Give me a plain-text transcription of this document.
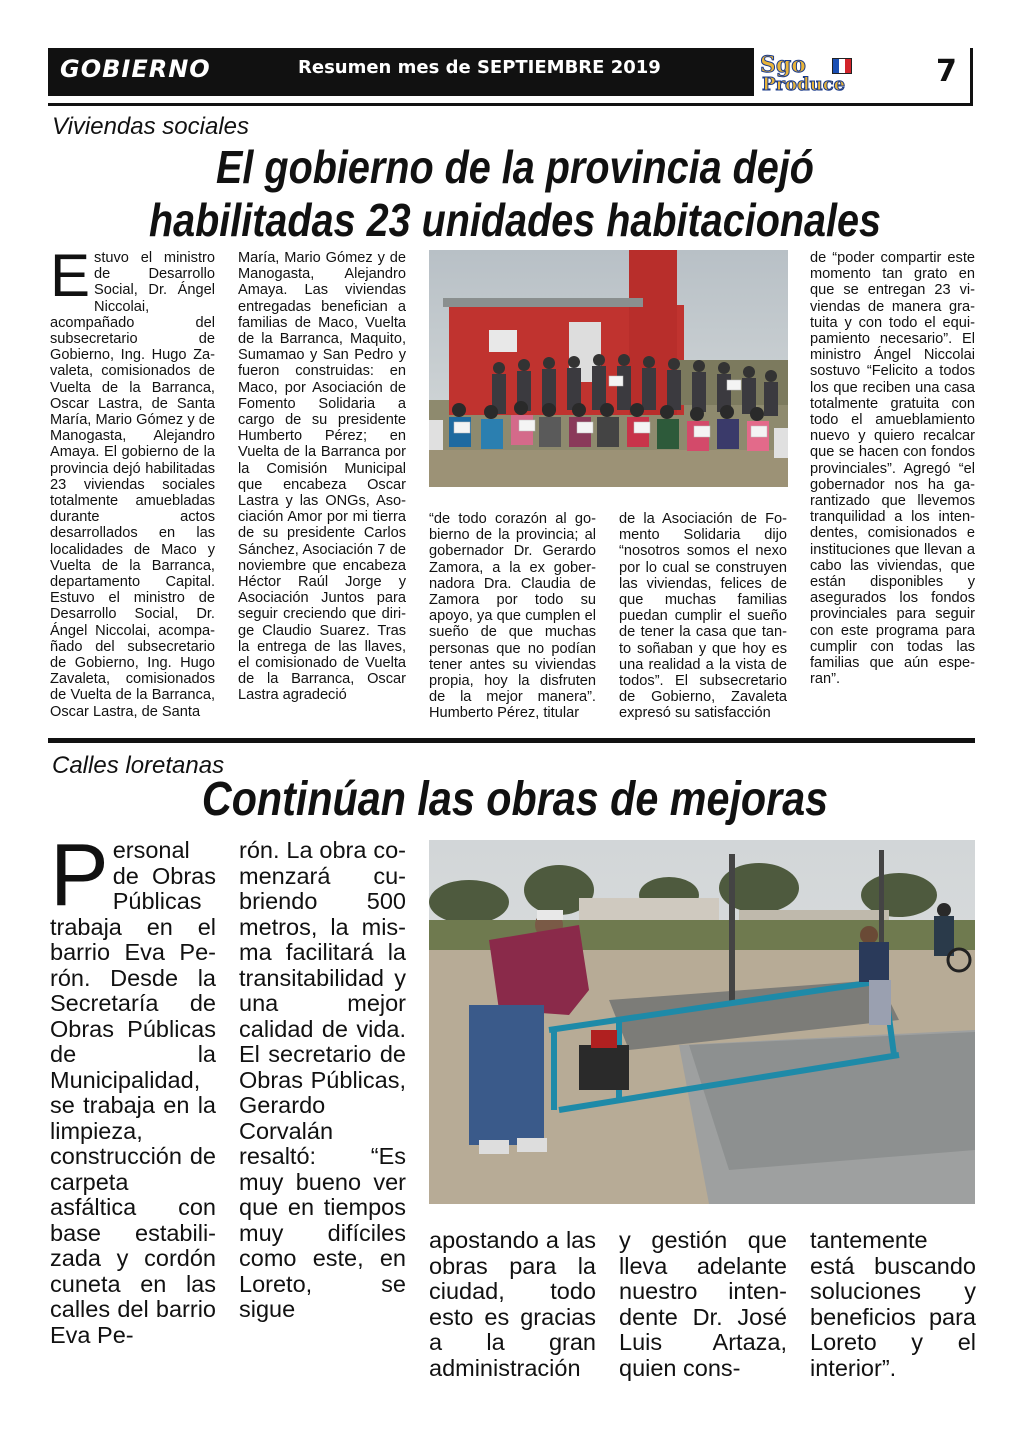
GOBIERNO	Resumen mes de SEPTIEMBRE 2019	Sgo
Produce	7
Viviendas sociales
El gobierno de la provincia dejó
habilitadas 23 unidades habitacionales
Estuvo el ministro de Desarrollo Social, Dr. Ángel Niccolai, acompañado del subsecretario de Gobierno, Ing. Hugo Zavaleta, comisionados de Vuelta de la Barranca, Oscar Lastra, de Santa María, Mario Gómez y de Manogasta, Alejandro Amaya. El gobierno de la provincia dejó habilitadas 23 viviendas sociales totalmente amuebladas durante actos desarrollados en las localidades de Maco y Vuelta de la Barranca, departamento Capital. Estuvo el ministro de Desarrollo Social, Dr. Ángel Niccolai, acompañado del subsecretario de Gobierno, Ing. Hugo Zavaleta, comisionados de Vuelta de la Barranca, Oscar Lastra, de Santa
María, Mario Gómez y de Manogasta, Alejandro Amaya. Las viviendas entregadas benefician a familias de Maco, Vuelta de la Barranca, Maquito, Sumamao y San Pedro y fueron construidas: en Maco, por Asociación de Fomento Solidaria a cargo de su presidente Humberto Pérez; en Vuelta de la Barranca por la Comisión Municipal que encabeza Oscar Lastra y las ONGs, Asociación Amor por mi tierra de su presidente Carlos Sánchez, Asociación 7 de noviembre que encabeza Héctor Raúl Jorge y Asociación Juntos para seguir creciendo que dirige Claudio Suarez. Tras la entrega de las llaves, el comisionado de Vuelta de la Barranca, Oscar Lastra agradeció
“de todo corazón al gobierno de la provincia; al gobernador Dr. Gerardo Zamora, a la ex gobernadora Dra. Claudia de Zamora por todo su apoyo, ya que cumplen el sueño de que muchas personas que no podían tener antes su viviendas propia, hoy la disfruten de la mejor manera”. Humberto Pérez, titular
de la Asociación de Fomento Solidaria dijo “nosotros somos el nexo por lo cual se construyen las viviendas, felices de que muchas familias puedan cumplir el sueño de tener la casa que tanto soñaban y que hoy es una realidad a la vista de todos”. El subsecretario de Gobierno, Zavaleta expresó su satisfacción
de “poder compartir este momento tan grato en que se entregan 23 viviendas de manera gratuita y con todo el equipamiento necesario”. El ministro Ángel Niccolai sostuvo “Felicito a todos los que reciben una casa totalmente gratuita con todo el amueblamiento nuevo y quiero recalcar que se hacen con fondos provinciales”. Agregó “el gobernador nos ha garantizado que llevemos tranquilidad a los intendentes, comisionados e instituciones que llevan a cabo las viviendas, que están disponibles y asegurados los fondos provinciales para seguir con este programa para cumplir con todas las familias que aún esperan”.
Calles loretanas
Continúan las obras de mejoras
Personal de Obras Públicas trabaja en el barrio Eva Perón. Desde la Secretaría de Obras Públicas de la Municipalidad, se trabaja en la limpieza, construcción de carpeta asfáltica con base estabilizada y cordón cuneta en las calles del barrio Eva Pe-
rón. La obra comenzará cubriendo 500 metros, la misma facilitará la transitabilidad y una mejor calidad de vida. El secretario de Obras Públicas, Gerardo Corvalán resaltó: “Es muy bueno ver que en tiempos muy difíciles como este, en Loreto, se sigue
apostando a las obras para la ciudad, todo esto es gracias a la gran administración
y gestión que lleva adelante nuestro intendente Dr. José Luis Artaza, quien cons-
tantemente está buscando soluciones y beneficios para Loreto y el interior”.
